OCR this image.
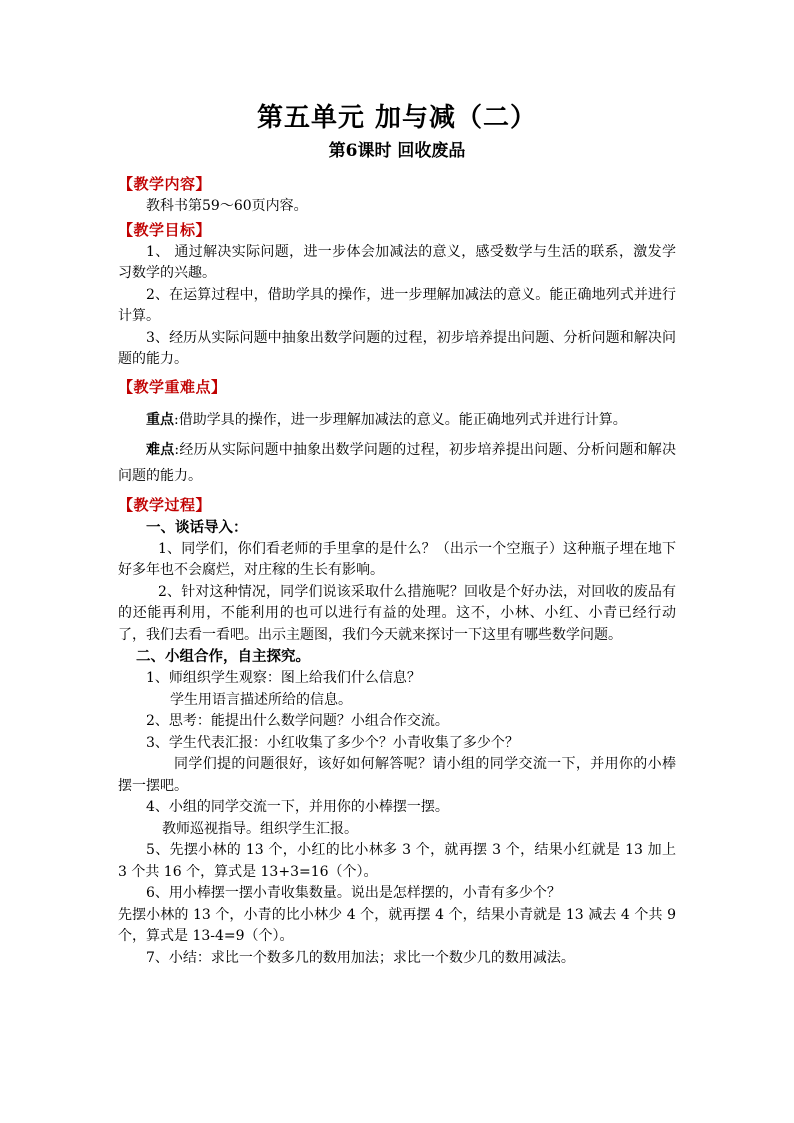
第五单元 加与减（二）
第6课时 回收废品
【教学内容】

教科书第59～60页内容。

【教学目标】

1、 通过解决实际问题，进一步体会加减法的意义，感受数学与生活的联系，激发学习数学的兴趣。

2、在运算过程中，借助学具的操作，进一步理解加减法的意义。能正确地列式并进行计算。

3、经历从实际问题中抽象出数学问题的过程，初步培养提出问题、分析问题和解决问题的能力。

【教学重难点】

重点:借助学具的操作，进一步理解加减法的意义。能正确地列式并进行计算。

难点:经历从实际问题中抽象出数学问题的过程，初步培养提出问题、分析问题和解决问题的能力。

【教学过程】

一、谈话导入：

1、同学们，你们看老师的手里拿的是什么？（出示一个空瓶子）这种瓶子埋在地下好多年也不会腐烂，对庄稼的生长有影响。

2、针对这种情况，同学们说该采取什么措施呢？回收是个好办法，对回收的废品有的还能再利用，不能利用的也可以进行有益的处理。这不，小林、小红、小青已经行动了，我们去看一看吧。出示主题图，我们今天就来探讨一下这里有哪些数学问题。

二、小组合作，自主探究。

1、师组织学生观察：图上给我们什么信息？

学生用语言描述所给的信息。

2、思考：能提出什么数学问题？小组合作交流。

3、学生代表汇报：小红收集了多少个？小青收集了多少个？

同学们提的问题很好，该好如何解答呢？请小组的同学交流一下，并用你的小棒摆一摆吧。

4、小组的同学交流一下，并用你的小棒摆一摆。

教师巡视指导。组织学生汇报。

5、先摆小林的 13 个，小红的比小林多 3 个，就再摆 3 个，结果小红就是 13 加上 3 个共 16 个，算式是 13+3=16（个）。

6、用小棒摆一摆小青收集数量。说出是怎样摆的，小青有多少个？

先摆小林的 13 个，小青的比小林少 4 个，就再摆 4 个，结果小青就是 13 减去 4 个共 9 个，算式是 13-4=9（个）。

7、小结：求比一个数多几的数用加法；求比一个数少几的数用减法。
